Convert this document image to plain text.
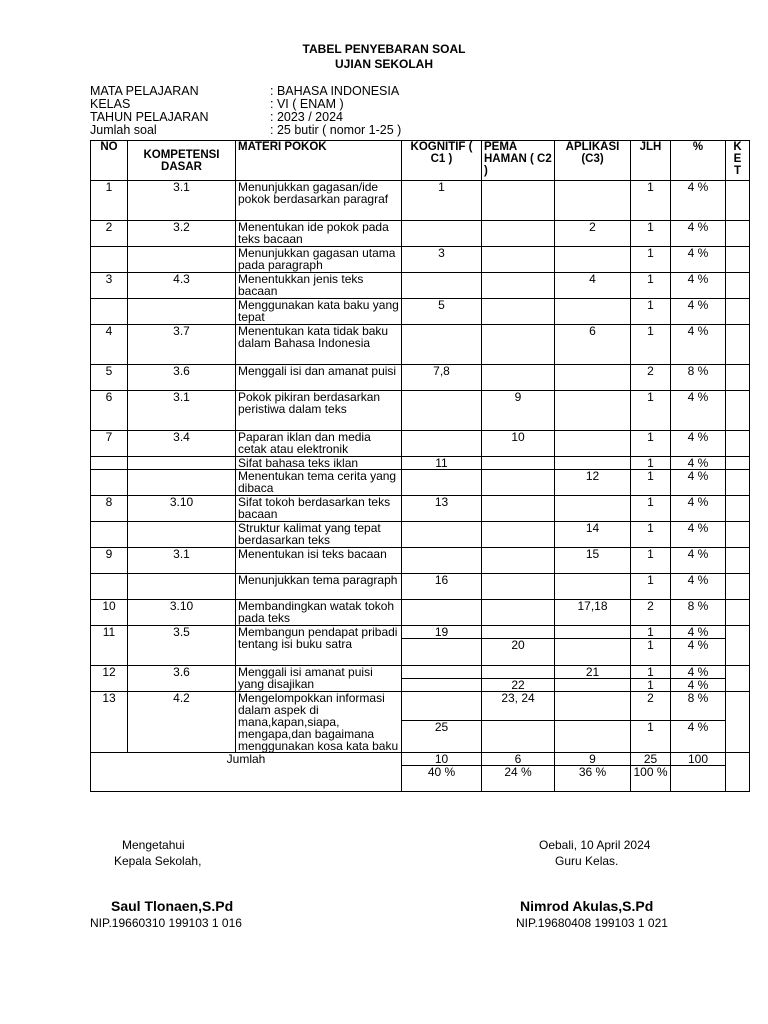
TABEL PENYEBARAN SOAL
UJIAN SEKOLAH
MATA PELAJARAN	: BAHASA INDONESIA
KELAS	: VI ( ENAM )
TAHUN PELAJARAN	: 2023 / 2024
Jumlah soal	: 25 butir ( nomor 1-25 )
NO	KOMPETENSI DASAR	MATERI POKOK	KOGNITIF ( C1 )	PEMA HAMAN ( C2 )	APLIKASI (C3)	JLH	%	K E T
1	3.1	Menunjukkan gagasan/ide pokok berdasarkan paragraf	1			1	4 %	
2	3.2	Menentukan ide pokok pada teks bacaan			2	1	4 %	
		Menunjukkan gagasan utama pada paragraph	3			1	4 %	
3	4.3	Menentukkan jenis teks bacaan			4	1	4 %	
		Menggunakan kata baku yang tepat	5			1	4 %	
4	3.7	Menentukan kata tidak baku dalam Bahasa Indonesia			6	1	4 %	
5	3.6	Menggali isi dan amanat puisi	7,8			2	8 %	
6	3.1	Pokok pikiran berdasarkan peristiwa dalam teks		9		1	4 %	
7	3.4	Paparan iklan dan media cetak atau elektronik		10		1	4 %	
		Sifat bahasa teks iklan	11			1	4 %	
		Menentukan tema cerita yang dibaca			12	1	4 %	
8	3.10	Sifat tokoh berdasarkan teks bacaan	13			1	4 %	
		Struktur kalimat yang tepat berdasarkan teks			14	1	4 %	
9	3.1	Menentukan isi teks bacaan			15	1	4 %	
		Menunjukkan tema paragraph	16			1	4 %	
10	3.10	Membandingkan watak tokoh pada teks			17,18	2	8 %	
11	3.5	Membangun pendapat pribadi tentang isi buku satra	19			1	4 %	
				20		1	4 %	
12	3.6	Menggali isi amanat puisi yang disajikan			21	1	4 %	
				22		1	4 %	
13	4.2	Mengelompokkan informasi dalam aspek di mana,kapan,siapa, mengapa,dan bagaimana menggunakan kosa kata baku		23, 24		2	8 %	
			25			1	4 %	
Jumlah			10	6	9	25	100	
			40 %	24 %	36 %	100 %		
Mengetahui
Kepala Sekolah,
Saul Tlonaen,S.Pd
NIP.19660310 199103 1 016
Oebali, 10 April 2024
Guru Kelas.
Nimrod Akulas,S.Pd
NIP.19680408 199103 1 021
